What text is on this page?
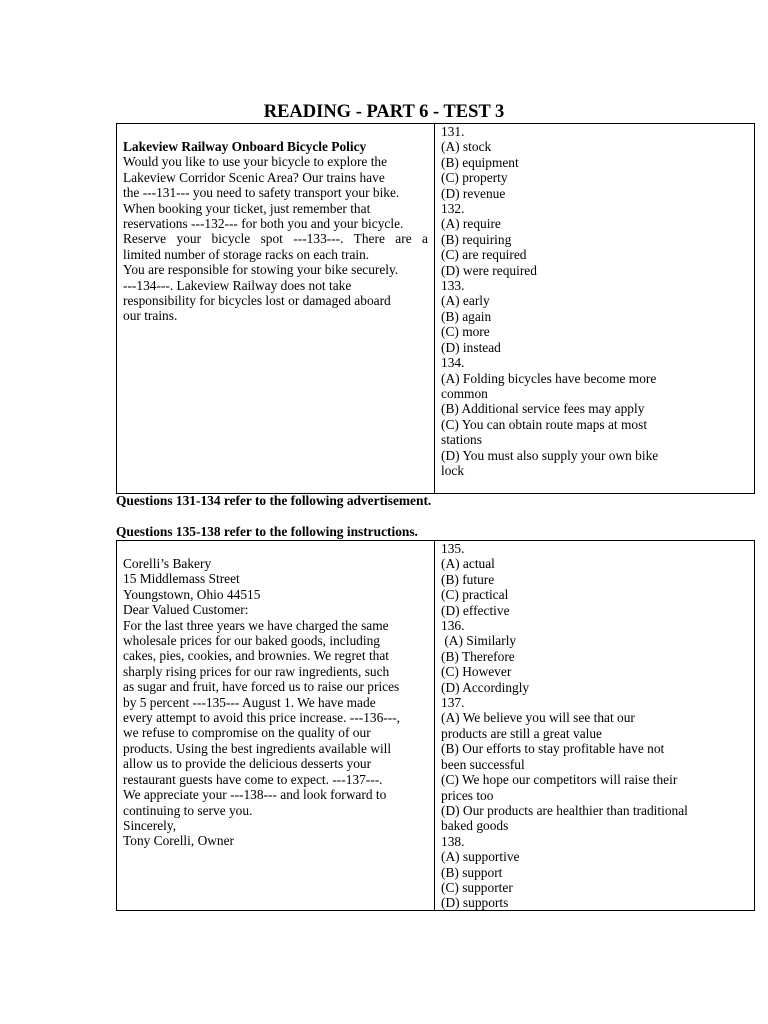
READING - PART 6 - TEST 3
Lakeview Railway Onboard Bicycle Policy
Would you like to use your bicycle to explore the
Lakeview Corridor Scenic Area? Our trains have
the ---131--- you need to safety transport your bike.
When booking your ticket, just remember that
reservations ---132--- for both you and your bicycle.
Reserve your bicycle spot ---133---. There are a
limited number of storage racks on each train.
You are responsible for stowing your bike securely.
---134---. Lakeview Railway does not take
responsibility for bicycles lost or damaged aboard
our trains.
131.
(A) stock
(B) equipment
(C) property
(D) revenue
132.
(A) require
(B) requiring
(C) are required
(D) were required
133.
(A) early
(B) again
(C) more
(D) instead
134.
(A) Folding bicycles have become more
common
(B) Additional service fees may apply
(C) You can obtain route maps at most
stations
(D) You must also supply your own bike
lock
Questions 131-134 refer to the following advertisement.
Questions 135-138 refer to the following instructions.
Corelli’s Bakery
15 Middlemass Street
Youngstown, Ohio 44515
Dear Valued Customer:
For the last three years we have charged the same
wholesale prices for our baked goods, including
cakes, pies, cookies, and brownies. We regret that
sharply rising prices for our raw ingredients, such
as sugar and fruit, have forced us to raise our prices
by 5 percent ---135--- August 1. We have made
every attempt to avoid this price increase. ---136---,
we refuse to compromise on the quality of our
products. Using the best ingredients available will
allow us to provide the delicious desserts your
restaurant guests have come to expect. ---137---.
We appreciate your ---138--- and look forward to
continuing to serve you.
Sincerely,
Tony Corelli, Owner
135.
(A) actual
(B) future
(C) practical
(D) effective
136.
(A) Similarly
(B) Therefore
(C) However
(D) Accordingly
137.
(A) We believe you will see that our
products are still a great value
(B) Our efforts to stay profitable have not
been successful
(C) We hope our competitors will raise their
prices too
(D) Our products are healthier than traditional
baked goods
138.
(A) supportive
(B) support
(C) supporter
(D) supports
